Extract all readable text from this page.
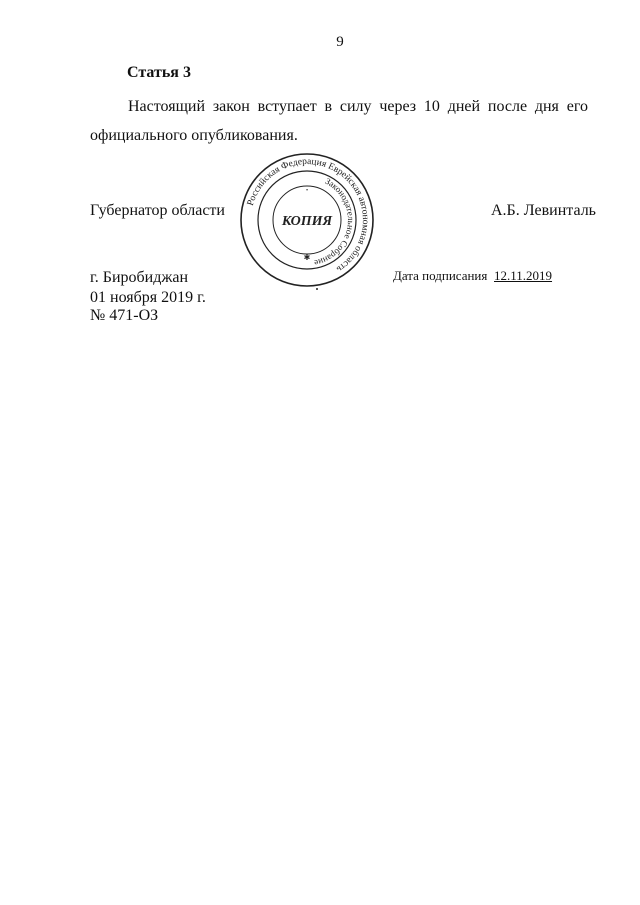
9
Статья 3
Настоящий закон вступает в силу через 10 дней после дня его
официального опубликования.
Губернатор области	А.Б. Левинталь
Российская Федерация Еврейская автономная область
Законодательное Собрание
КОПИЯ
✱
•
г. Биробиджан
01 ноября 2019 г.
№ 471-ОЗ
Дата подписания 12.11.2019
